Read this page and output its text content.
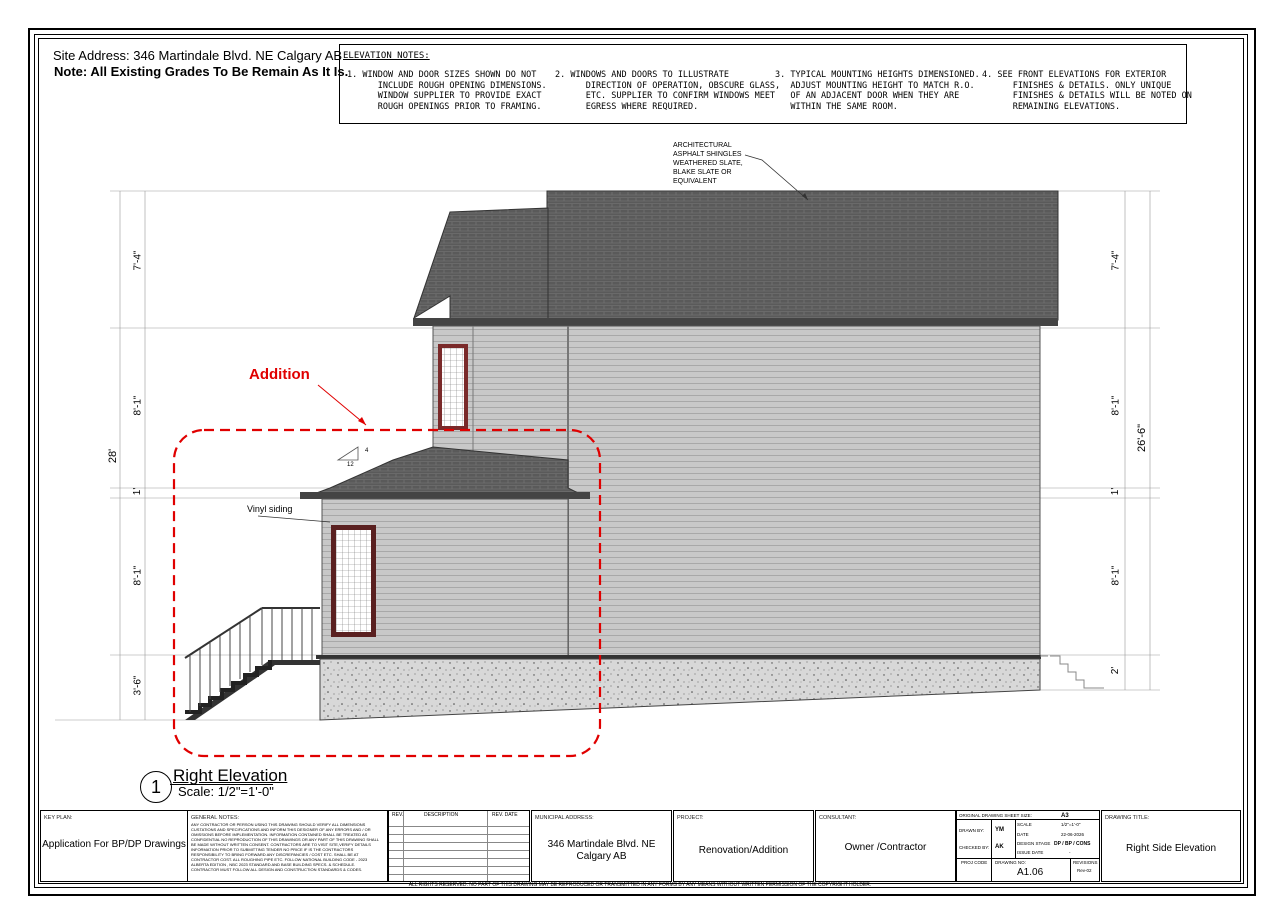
Site Address: 346 Martindale Blvd. NE Calgary AB
Note: All Existing Grades To Be Remain As It Is.
ELEVATION NOTES:
1. WINDOW AND DOOR SIZES SHOWN DO NOT
INCLUDE ROUGH OPENING DIMENSIONS.
WINDOW SUPPLIER TO PROVIDE EXACT
ROUGH OPENINGS PRIOR TO FRAMING.
2. WINDOWS AND DOORS TO ILLUSTRATE
DIRECTION OF OPERATION, OBSCURE GLASS,
ETC. SUPPLIER TO CONFIRM WINDOWS MEET
EGRESS WHERE REQUIRED.
3. TYPICAL MOUNTING HEIGHTS DIMENSIONED.
ADJUST MOUNTING HEIGHT TO MATCH R.O.
OF AN ADJACENT DOOR WHEN THEY ARE
WITHIN THE SAME ROOM.
4. SEE FRONT ELEVATIONS FOR EXTERIOR
FINISHES & DETAILS. ONLY UNIQUE
FINISHES & DETAILS WILL BE NOTED ON
REMAINING ELEVATIONS.
ARCHITECTURAL
ASPHALT SHINGLES
WEATHERED SLATE,
BLAKE SLATE OR
EQUIVALENT
Addition
Vinyl siding
4
12
7'-4"
8'-1"
1'
8'-1"
3'-6"
28'
7'-4"
8'-1"
1'
8'-1"
2'
26'-6"
1
Right Elevation
Scale: 1/2"=1'-0"
KEY PLAN:
Application For BP/DP Drawings
GENERAL NOTES:
ANY CONTRACTOR OR PERSON USING THIS DRAWING SHOULD VERIFY ALL DIMENSIONS CUSTATIONS AND SPECIFICATIONS AND INFORM THIS DESIGNER OF ANY ERRORS AND / OR OMISSIONS BEFORE IMPLEMENTATION. INFORMATION CONTAINED SHALL BE TREATED AS CONFIDENTIAL NO REPRODUCTION OF THIS DRAWINGS OR ANY PART OF THIS DRAWING SHALL BE MADE WITHOUT WRITTEN CONSENT. CONTRACTORS ARE TO VISIT SITE,VERIFY DETAILS INFORMATION PRIOR TO SUBMITTING TENDER NO PRICE IF IS THE CONTRACTORS RESPONSIBILITY TO BRING FORWARD ANY DISCREPANCIES / COST ETC. SHALL BE AT CONTRACTOR COST. ALL ROUGHING PIPE ETC. FOLLOW NATIONAL BUILDING CODE - 2023 ALBERTA EDITION , NBC 2023 STANDARD AND BASE BUILDING SPECS. & SCHEDULE. CONTRACTOR MUST FOLLOW ALL DESIGN AND CONSTRUCTION STANDARDS & CODES.
REV.	DESCRIPTION	REV. DATE	MUNICIPAL ADDRESS:
346 Martindale Blvd. NE
Calgary AB
PROJECT:
Renovation/Addition
CONSULTANT:
Owner /Contractor
ORIGINAL DRAWING SHEET SIZE:	A3
DRAWN BY: YM
SCALE	1/2"=1'-0"
DATE	22-06-2026
CHECKED BY: AK
DESIGN STAGE DP / BP / CONS
ISSUE DATE	-
PROJ CODE DRAWING NO:
A1.06
REVISIONS
Rev-02
DRAWING TITLE:
Right Side Elevation
ALL RIGHTS RESERVED. NO PART OF THIS DRAWING MAY BE REPRODUCED OR TRANSMITTED IN ANY FORMS BY ANY MEANS WITHOUT WRITTEN PERMISSION OF THE COPYRIGHT HOLDER.
